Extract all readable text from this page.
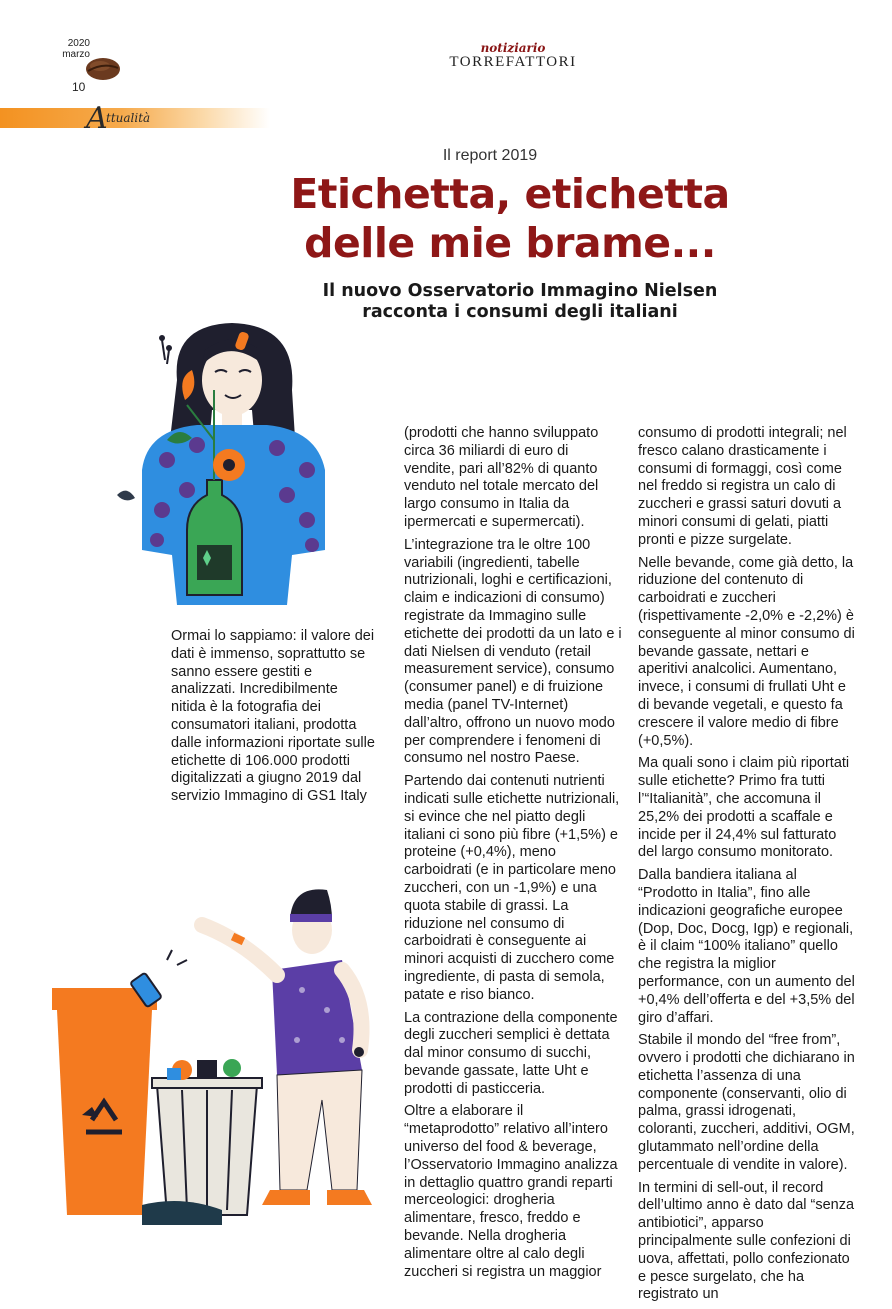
2020
marzo
10
notiziario
TORREFATTORI
A
ttualità
Il report 2019
Etichetta, etichetta
delle mie brame...
Il nuovo Osservatorio Immagino Nielsen
racconta i consumi degli italiani

Ormai lo sappiamo: il valore dei dati è immenso, soprattutto se sanno essere gestiti e analizzati. Incredibilmente nitida è la fotografia dei consumatori italiani, prodotta dalle informazioni riportate sulle etichette di 106.000 prodotti digitalizzati a giugno 2019 dal servizio Immagino di GS1 Italy

(prodotti che hanno sviluppato circa 36 miliardi di euro di vendite, pari all’82% di quanto venduto nel totale mercato del largo consumo in Italia da ipermercati e supermercati).

L’integrazione tra le oltre 100 variabili (ingredienti, tabelle nutrizionali, loghi e certificazioni, claim e indicazioni di consumo) registrate da Immagino sulle etichette dei prodotti da un lato e i dati Nielsen di venduto (retail measurement service), consumo (consumer panel) e di fruizione media (panel TV-Internet) dall’altro, offrono un nuovo modo per comprendere i fenomeni di consumo nel nostro Paese.

Partendo dai contenuti nutrienti indicati sulle etichette nutrizionali, si evince che nel piatto degli italiani ci sono più fibre (+1,5%) e proteine (+0,4%), meno carboidrati (e in particolare meno zuccheri, con un -1,9%) e una quota stabile di grassi. La riduzione nel consumo di carboidrati è conseguente ai minori acquisti di zucchero come ingrediente, di pasta di semola, patate e riso bianco.

La contrazione della componente degli zuccheri semplici è dettata dal minor consumo di succhi, bevande gassate, latte Uht e prodotti di pasticceria.

Oltre a elaborare il “metaprodotto” relativo all’intero universo del food & beverage, l’Osservatorio Immagino analizza in dettaglio quattro grandi reparti merceologici: drogheria alimentare, fresco, freddo e bevande. Nella drogheria alimentare oltre al calo degli zuccheri si registra un maggior

consumo di prodotti integrali; nel fresco calano drasticamente i consumi di formaggi, così come nel freddo si registra un calo di zuccheri e grassi saturi dovuti a minori consumi di gelati, piatti pronti e pizze surgelate.

Nelle bevande, come già detto, la riduzione del contenuto di carboidrati e zuccheri (rispettivamente -2,0% e -2,2%) è conseguente al minor consumo di bevande gassate, nettari e aperitivi analcolici. Aumentano, invece, i consumi di frullati Uht e di bevande vegetali, e questo fa crescere il valore medio di fibre (+0,5%).

Ma quali sono i claim più riportati sulle etichette? Primo fra tutti l’“Italianità”, che accomuna il 25,2% dei prodotti a scaffale e incide per il 24,4% sul fatturato del largo consumo monitorato.

Dalla bandiera italiana al “Prodotto in Italia”, fino alle indicazioni geografiche europee (Dop, Doc, Docg, Igp) e regionali, è il claim “100% italiano” quello che registra la miglior performance, con un aumento del +0,4% dell’offerta e del +3,5% del giro d’affari.

Stabile il mondo del “free from”, ovvero i prodotti che dichiarano in etichetta l’assenza di una componente (conservanti, olio di palma, grassi idrogenati, coloranti, zuccheri, additivi, OGM, glutammato nell’ordine della percentuale di vendite in valore).

In termini di sell-out, il record dell’ultimo anno è dato dal “senza antibiotici”, apparso principalmente sulle confezioni di uova, affettati, pollo confezionato e pesce surgelato, che ha registrato un
